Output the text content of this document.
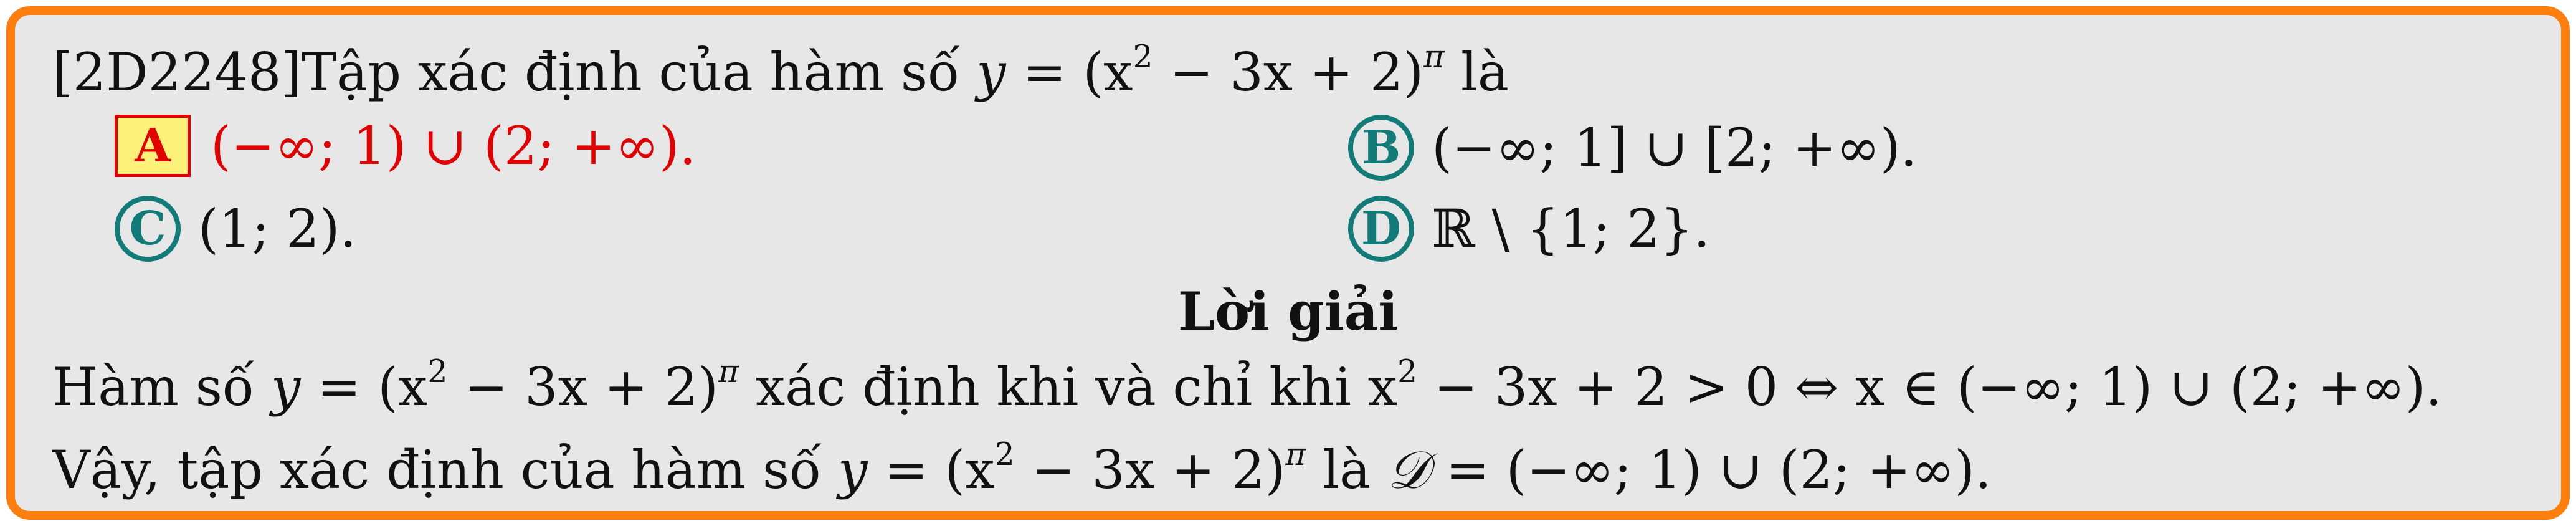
[2D2248]Tập xác định của hàm số $y = (x^2 - 3x + 2)^\pi$ là
A (−∞; 1) ∪ (2; +∞).	B (−∞; 1] ∪ [2; +∞).
C (1; 2).	D ℝ \ {1; 2}.
Lời giải
Hàm số $y = (x^2 - 3x + 2)^\pi$ xác định khi và chỉ khi $x^2 - 3x + 2 > 0$ ⇔ x ∈ (−∞; 1) ∪ (2; +∞).
Vậy, tập xác định của hàm số $y = (x^2 - 3x + 2)^\pi$ là 𝒟 = (−∞; 1) ∪ (2; +∞).
